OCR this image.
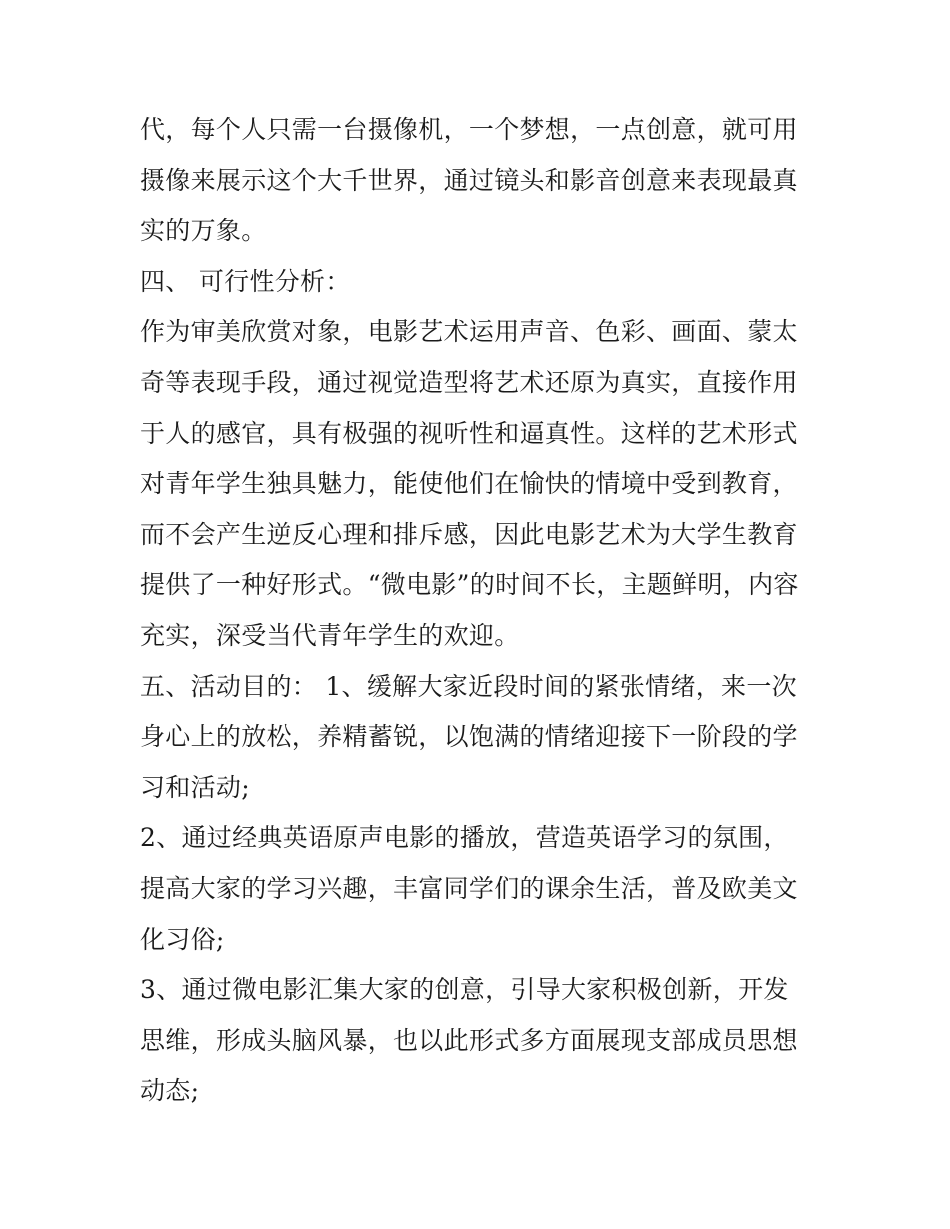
代，每个人只需一台摄像机，一个梦想，一点创意，就可用摄像来展示这个大千世界，通过镜头和影音创意来表现最真实的万象。

四、 可行性分析：

作为审美欣赏对象，电影艺术运用声音、色彩、画面、蒙太奇等表现手段，通过视觉造型将艺术还原为真实，直接作用于人的感官，具有极强的视听性和逼真性。这样的艺术形式对青年学生独具魅力，能使他们在愉快的情境中受到教育，而不会产生逆反心理和排斥感，因此电影艺术为大学生教育提供了一种好形式。“微电影”的时间不长，主题鲜明，内容充实，深受当代青年学生的欢迎。

五、活动目的： 1、缓解大家近段时间的紧张情绪，来一次身心上的放松，养精蓄锐，以饱满的情绪迎接下一阶段的学习和活动;

2、通过经典英语原声电影的播放，营造英语学习的氛围，提高大家的学习兴趣，丰富同学们的课余生活，普及欧美文化习俗;

3、通过微电影汇集大家的创意，引导大家积极创新，开发思维，形成头脑风暴，也以此形式多方面展现支部成员思想动态;
